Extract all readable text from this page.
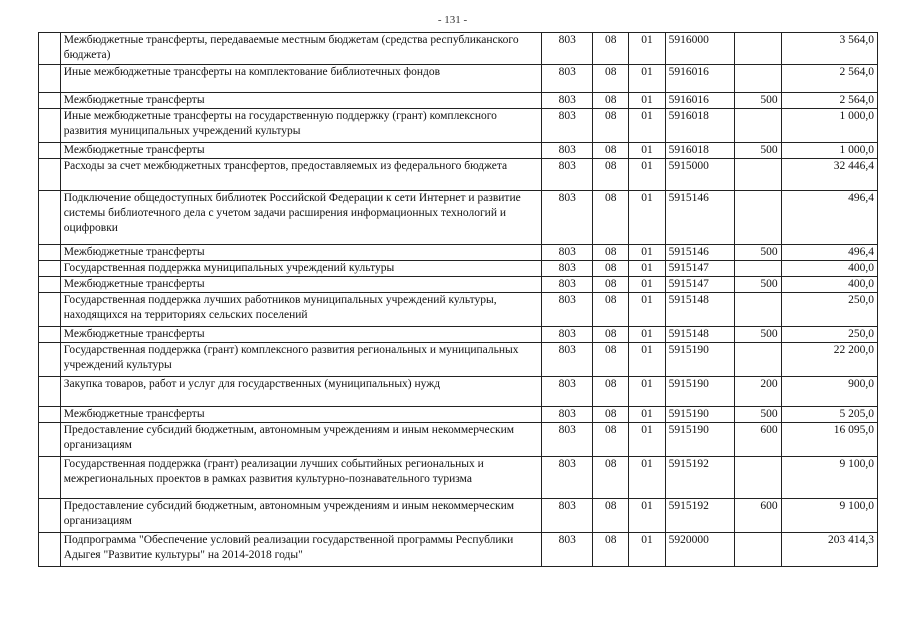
- 131 -
	Межбюджетные трансферты, передаваемые местным бюджетам (средства республиканского бюджета)	803	08	01	5916000		3 564,0
	Иные межбюджетные трансферты на комплектование библиотечных фондов	803	08	01	5916016		2 564,0
	Межбюджетные трансферты	803	08	01	5916016	500	2 564,0
	Иные межбюджетные трансферты на государственную поддержку (грант) комплексного развития муниципальных учреждений культуры	803	08	01	5916018		1 000,0
	Межбюджетные трансферты	803	08	01	5916018	500	1 000,0
	Расходы за счет межбюджетных трансфертов, предоставляемых из федерального бюджета	803	08	01	5915000		32 446,4
	Подключение общедоступных библиотек Российской Федерации к сети Интернет и развитие системы библиотечного дела с учетом задачи расширения информационных технологий и оцифровки	803	08	01	5915146		496,4
	Межбюджетные трансферты	803	08	01	5915146	500	496,4
	Государственная поддержка муниципальных учреждений культуры	803	08	01	5915147		400,0
	Межбюджетные трансферты	803	08	01	5915147	500	400,0
	Государственная поддержка лучших работников муниципальных учреждений культуры, находящихся на территориях сельских поселений	803	08	01	5915148		250,0
	Межбюджетные трансферты	803	08	01	5915148	500	250,0
	Государственная поддержка (грант) комплексного развития региональных и муниципальных учреждений культуры	803	08	01	5915190		22 200,0
	Закупка товаров, работ и услуг для государственных (муниципальных) нужд	803	08	01	5915190	200	900,0
	Межбюджетные трансферты	803	08	01	5915190	500	5 205,0
	Предоставление субсидий бюджетным, автономным учреждениям и иным некоммерческим организациям	803	08	01	5915190	600	16 095,0
	Государственная поддержка (грант) реализации лучших событийных региональных и межрегиональных проектов в рамках развития культурно-познавательного туризма	803	08	01	5915192		9 100,0
	Предоставление субсидий бюджетным, автономным учреждениям и иным некоммерческим организациям	803	08	01	5915192	600	9 100,0
	Подпрограмма "Обеспечение условий реализации государственной программы Республики Адыгея "Развитие культуры" на 2014-2018 годы"	803	08	01	5920000		203 414,3
